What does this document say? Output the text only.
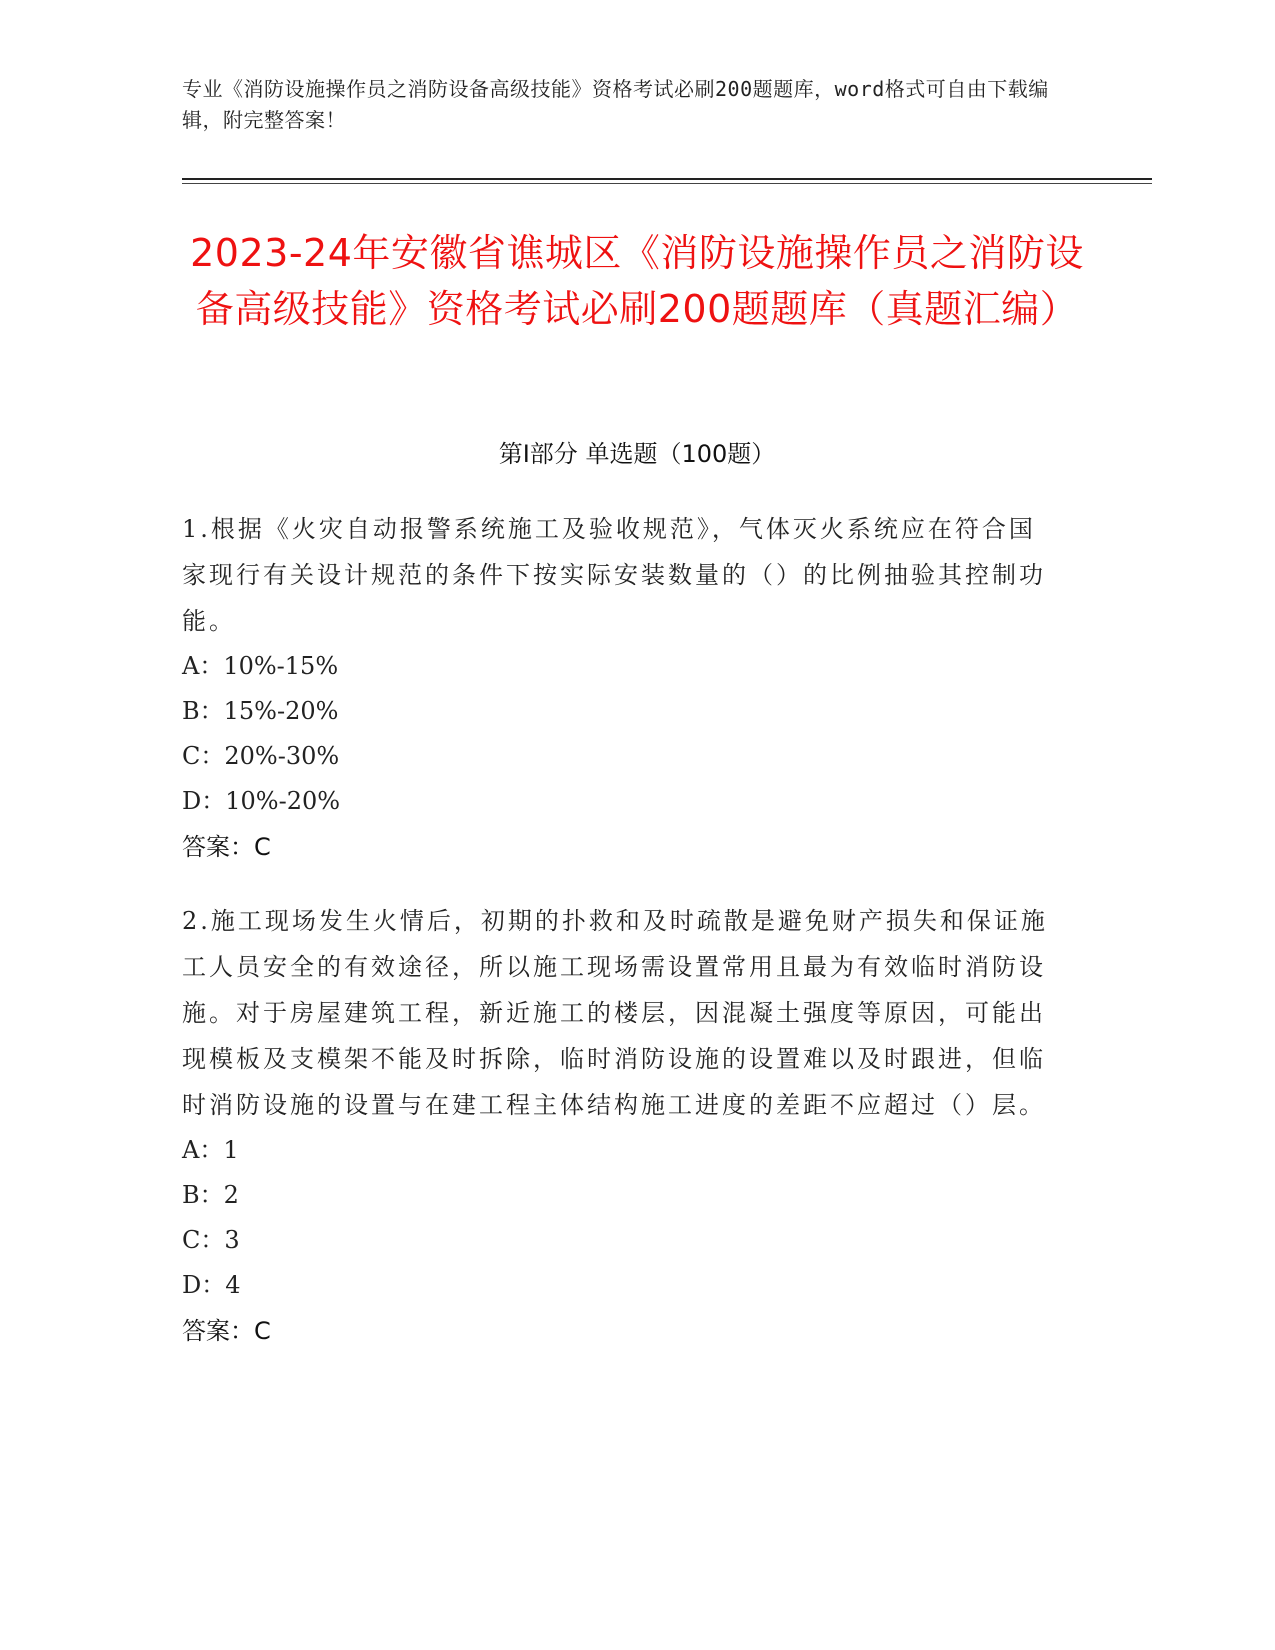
专业《消防设施操作员之消防设备高级技能》资格考试必刷200题题库，word格式可自由下载编辑，附完整答案！
2023-24年安徽省谯城区《消防设施操作员之消防设备高级技能》资格考试必刷200题题库（真题汇编）
第I部分 单选题（100题）
1.根据《火灾自动报警系统施工及验收规范》，气体灭火系统应在符合国家现行有关设计规范的条件下按实际安装数量的（）的比例抽验其控制功能。
A：10%-15%
B：15%-20%
C：20%-30%
D：10%-20%
答案：C
2.施工现场发生火情后，初期的扑救和及时疏散是避免财产损失和保证施工人员安全的有效途径，所以施工现场需设置常用且最为有效临时消防设施。对于房屋建筑工程，新近施工的楼层，因混凝土强度等原因，可能出现模板及支模架不能及时拆除，临时消防设施的设置难以及时跟进，但临时消防设施的设置与在建工程主体结构施工进度的差距不应超过（）层。
A：1
B：2
C：3
D：4
答案：C
